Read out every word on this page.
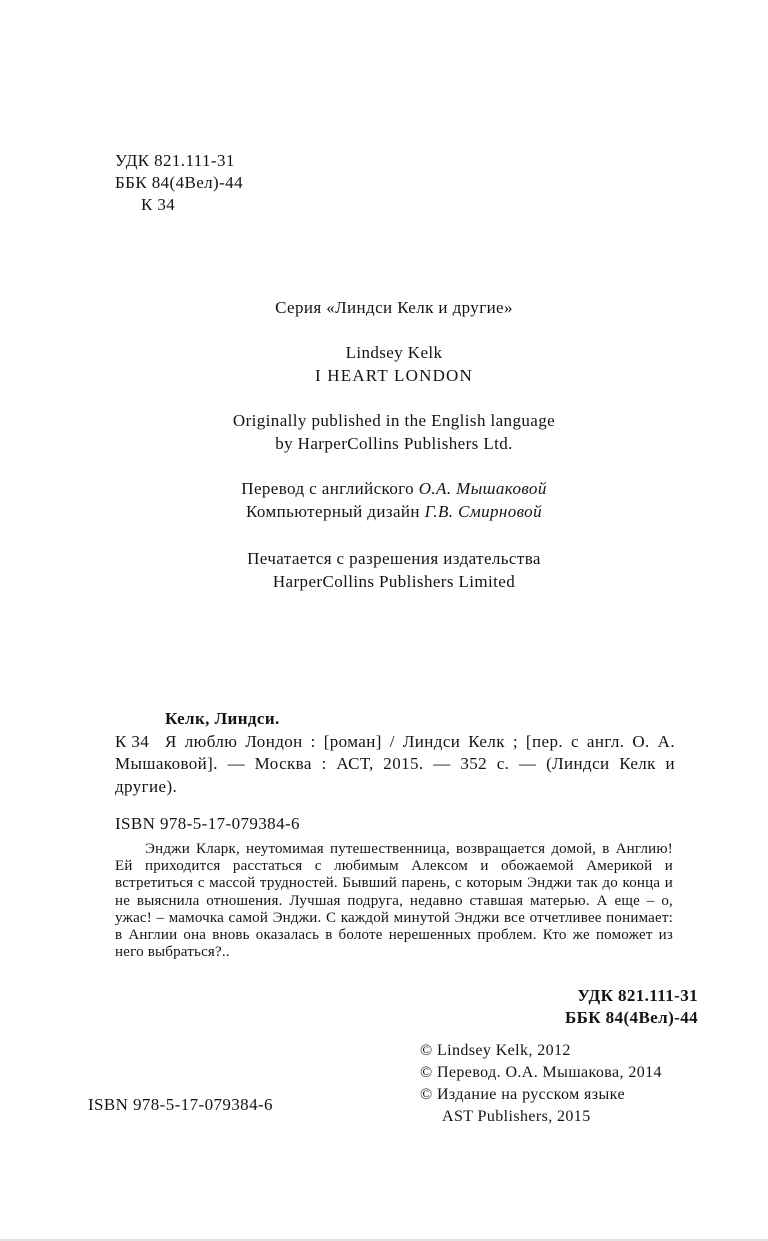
УДК 821.111-31
ББК 84(4Вел)-44
К 34
Серия «Линдси Келк и другие»
Lindsey Kelk
I HEART LONDON
Originally published in the English language
by HarperCollins Publishers Ltd.
Перевод с английского О.А. Мышаковой
Компьютерный дизайн Г.В. Смирновой
Печатается с разрешения издательства
HarperCollins Publishers Limited
Келк, Линдси.
К 34 Я люблю Лондон : [роман] / Линдси Келк ; [пер. с англ. О. А. Мышаковой]. — Москва : АСТ, 2015. — 352 с. — (Линдси Келк и другие).

ISBN 978-5-17-079384-6

Энджи Кларк, неутомимая путешественница, возвращается домой, в Англию! Ей приходится расстаться с любимым Алексом и обожаемой Америкой и встретиться с массой трудностей. Бывший парень, с которым Энджи так до конца и не выяснила отношения. Лучшая подруга, недавно ставшая матерью. А еще – о, ужас! – мамочка самой Энджи. С каждой минутой Энджи все отчетливее понимает: в Англии она вновь оказалась в болоте нерешенных проблем. Кто же поможет из него выбраться?..

УДК 821.111-31
ББК 84(4Вел)-44
© Lindsey Kelk, 2012
© Перевод. О.А. Мышакова, 2014
© Издание на русском языке
AST Publishers, 2015
ISBN 978-5-17-079384-6
